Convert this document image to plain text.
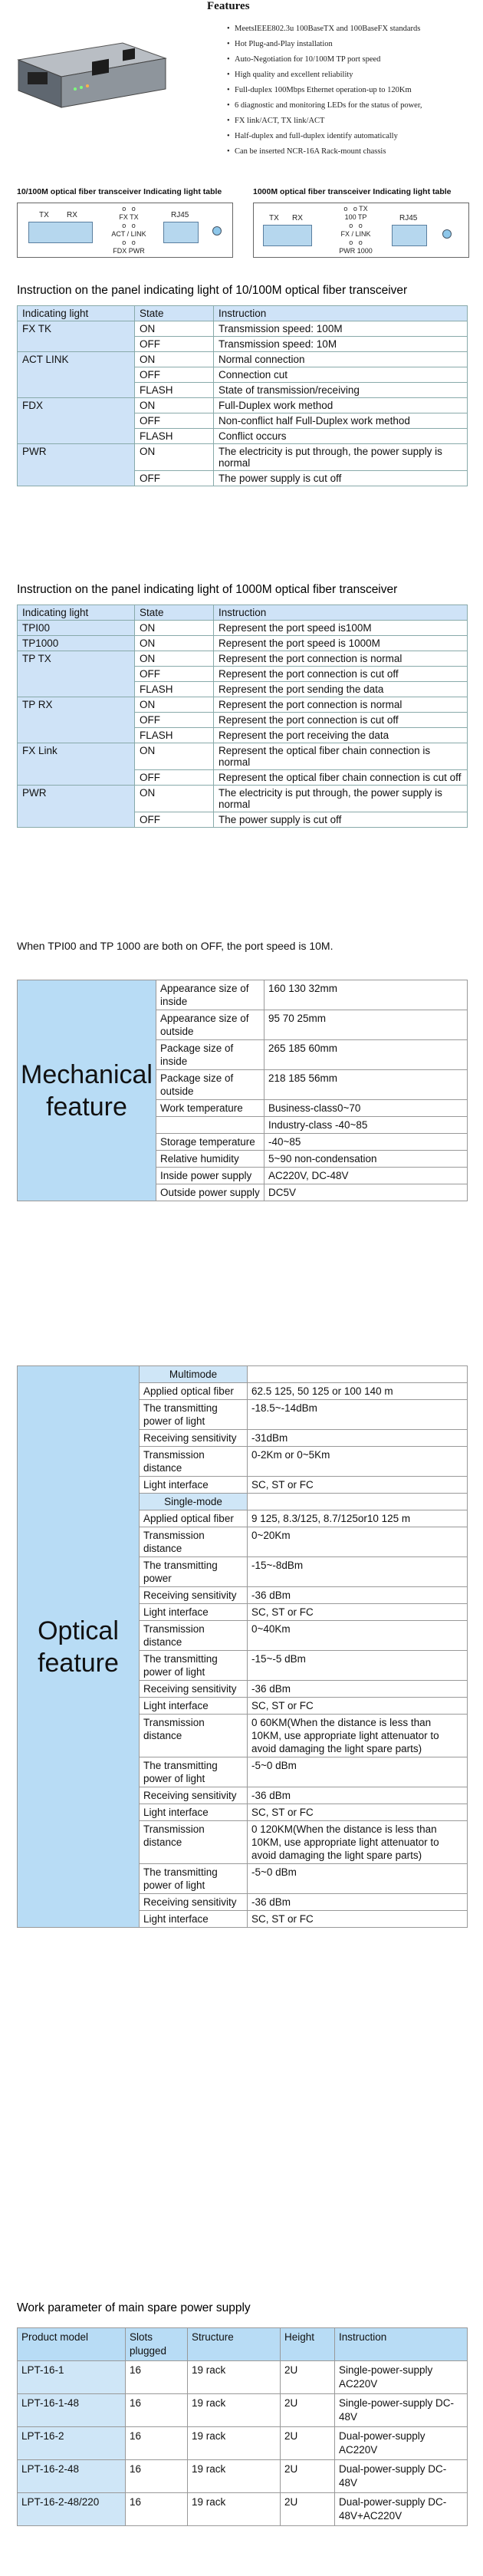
Features
• MeetsIEEE802.3u 100BaseTX and 100BaseFX standards
• Hot Plug-and-Play installation
• Auto-Negotiation for 10/100M TP port speed
• High quality and excellent reliability
• Full-duplex 100Mbps Ethernet operation-up to 120Km
• 6 diagnostic and monitoring LEDs for the status of power,
• FX link/ACT, TX link/ACT
• Half-duplex and full-duplex identify automatically
• Can be inserted NCR-16A Rack-mount chassis
10/100M optical fiber transceiver Indicating light table	1000M optical fiber transceiver Indicating light table
TX RX
o   o
FX TX
o   o
ACT / LINK
o   o
FDX PWR
RJ45	TX RX
o   o TX
100 TP
o   o
FX / LINK
o   o
PWR 1000
RJ45
Instruction on the panel indicating light of 10/100M optical fiber transceiver
Indicating light	State	Instruction
FX TK	ON	Transmission speed: 100M
	OFF	Transmission speed: 10M
ACT LINK	ON	Normal connection
	OFF	Connection cut
	FLASH	State of transmission/receiving
FDX	ON	Full-Duplex work method
	OFF	Non-conflict half Full-Duplex work method
	FLASH	Conflict occurs
PWR	ON	The electricity is put through, the power supply is normal
	OFF	The power supply is cut off
Instruction on the panel indicating light of 1000M optical fiber transceiver
Indicating light	State	Instruction
TPI00	ON	Represent the port speed is100M
TP1000	ON	Represent the port speed is 1000M
TP TX	ON	Represent the port connection is normal
	OFF	Represent the port connection is cut off
	FLASH	Represent the port sending the data
TP RX	ON	Represent the port connection is normal
	OFF	Represent the port connection is cut off
	FLASH	Represent the port receiving the data
FX Link	ON	Represent the optical fiber chain connection is normal
	OFF	Represent the optical fiber chain connection is cut off
PWR	ON	The electricity is put through, the power supply is normal
	OFF	The power supply is cut off
When TPI00 and TP 1000 are both on OFF, the port speed is 10M.
Mechanical feature	Appearance size of inside	160 130 32mm
	Appearance size of outside	95 70 25mm
	Package size of inside	265 185 60mm
	Package size of outside	218 185 56mm
	Work temperature	Business-class0~70
		Industry-class -40~85
	Storage temperature	-40~85
	Relative humidity	5~90 non-condensation
	Inside power supply	AC220V, DC-48V
	Outside power supply	DC5V
Optical feature	Multimode	
	Applied optical fiber	62.5 125, 50 125 or 100 140 m
	The transmitting power of light	-18.5~-14dBm
	Receiving sensitivity	-31dBm
	Transmission distance	0-2Km or 0~5Km
	Light interface	SC, ST or FC
	Single-mode	
	Applied optical fiber	9 125, 8.3/125, 8.7/125or10 125 m
	Transmission distance	0~20Km
	The transmitting power	-15~-8dBm
	Receiving sensitivity	-36 dBm
	Light interface	SC, ST or FC
	Transmission distance	0~40Km
	The transmitting power of light	-15~-5 dBm
	Receiving sensitivity	-36 dBm
	Light interface	SC, ST or FC
	Transmission distance	0 60KM(When the distance is less than 10KM, use appropriate light attenuator to avoid damaging the light spare parts)
	The transmitting power of light	-5~0 dBm
	Receiving sensitivity	-36 dBm
	Light interface	SC, ST or FC
	Transmission distance	0 120KM(When the distance is less than 10KM, use appropriate light attenuator to avoid damaging the light spare parts)
	The transmitting power of light	-5~0 dBm
	Receiving sensitivity	-36 dBm
	Light interface	SC, ST or FC
Work parameter of main spare power supply
Product model	Slots plugged	Structure	Height	Instruction
LPT-16-1	16	19 rack	2U	Single-power-supply AC220V
LPT-16-1-48	16	19 rack	2U	Single-power-supply DC-48V
LPT-16-2	16	19 rack	2U	Dual-power-supply AC220V
LPT-16-2-48	16	19 rack	2U	Dual-power-supply DC-48V
LPT-16-2-48/220	16	19 rack	2U	Dual-power-supply DC-48V+AC220V
